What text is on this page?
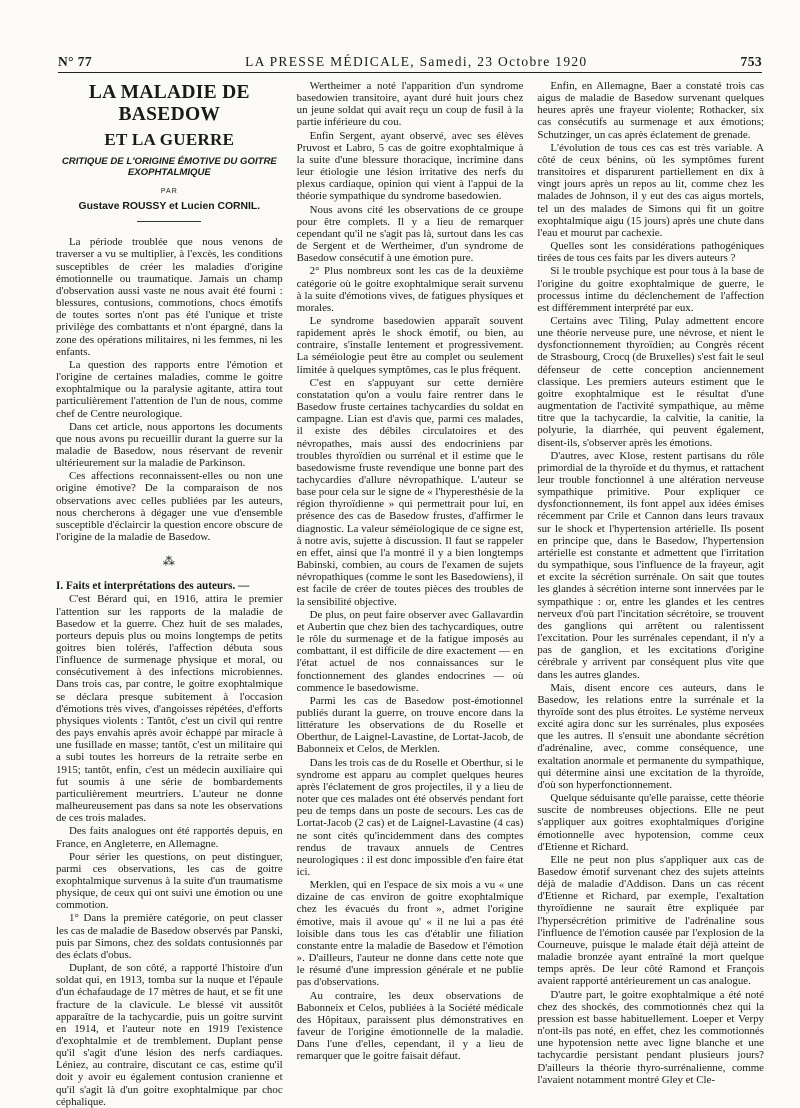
N° 77	LA PRESSE MÉDICALE, Samedi, 23 Octobre 1920	753
LA MALADIE DE BASEDOW
ET LA GUERRE
CRITIQUE DE L'ORIGINE ÉMOTIVE DU GOITRE EXOPHTALMIQUE
PAR
Gustave ROUSSY et Lucien CORNIL.

La période troublée que nous venons de traverser a vu se multiplier, à l'excès, les conditions susceptibles de créer les maladies d'origine émotionnelle ou traumatique. Jamais un champ d'observation aussi vaste ne nous avait été fourni : blessures, contusions, commotions, chocs émotifs de toutes sortes n'ont pas été l'unique et triste privilège des combattants et n'ont épargné, dans la zone des opérations militaires, ni les femmes, ni les enfants.

La question des rapports entre l'émotion et l'origine de certaines maladies, comme le goitre exophtalmique ou la paralysie agitante, attira tout particulièrement l'attention de l'un de nous, comme chef de Centre neurologique.

Dans cet article, nous apportons les documents que nous avons pu recueillir durant la guerre sur la maladie de Basedow, nous réservant de revenir ultérieurement sur la maladie de Parkinson.

Ces affections reconnaissent-elles ou non une origine émotive? De la comparaison de nos observations avec celles publiées par les auteurs, nous chercherons à dégager une vue d'ensemble susceptible d'éclaircir la question encore obscure de l'origine de la maladie de Basedow.

⁂

I. Faits et interprétations des auteurs. —

C'est Bérard qui, en 1916, attira le premier l'attention sur les rapports de la maladie de Basedow et la guerre. Chez huit de ses malades, porteurs depuis plus ou moins longtemps de petits goitres bien tolérés, l'affection débuta sous l'influence de surmenage physique et moral, ou consécutivement à des infections microbiennes. Dans trois cas, par contre, le goitre exophtalmique se déclara presque subitement à l'occasion d'émotions très vives, d'angoisses répétées, d'efforts physiques violents : Tantôt, c'est un civil qui rentre des pays envahis après avoir échappé par miracle à une fusillade en masse; tantôt, c'est un militaire qui a subi toutes les horreurs de la retraite serbe en 1915; tantôt, enfin, c'est un médecin auxiliaire qui fut soumis à une série de bombardements particulièrement meurtriers. L'auteur ne donne malheureusement pas dans sa note les observations de ces trois malades.

Des faits analogues ont été rapportés depuis, en France, en Angleterre, en Allemagne.

Pour sérier les questions, on peut distinguer, parmi ces observations, les cas de goitre exophtalmique survenus à la suite d'un traumatisme physique, de ceux qui ont suivi une émotion ou une commotion.

1° Dans la première catégorie, on peut classer les cas de maladie de Basedow observés par Panski, puis par Simons, chez des soldats contusionnés par des éclats d'obus.

Duplant, de son côté, a rapporté l'histoire d'un soldat qui, en 1913, tomba sur la nuque et l'épaule d'un échafaudage de 17 mètres de haut, et se fit une fracture de la clavicule. Le blessé vit aussitôt apparaître de la tachycardie, puis un goitre survint en 1914, et l'auteur note en 1919 l'existence d'exophtalmie et de tremblement. Duplant pense qu'il s'agit d'une lésion des nerfs cardiaques. Léniez, au contraire, discutant ce cas, estime qu'il doit y avoir eu également contusion cranienne et qu'il s'agit là d'un goitre exophtalmique par choc céphalique.

Wertheimer a noté l'apparition d'un syndrome basedowien transitoire, ayant duré huit jours chez un jeune soldat qui avait reçu un coup de fusil à la partie inférieure du cou.

Enfin Sergent, ayant observé, avec ses élèves Pruvost et Labro, 5 cas de goitre exophtalmique à la suite d'une blessure thoracique, incrimine dans leur étiologie une lésion irritative des nerfs du plexus cardiaque, opinion qui vient à l'appui de la théorie sympathique du syndrome basedowien.

Nous avons cité les observations de ce groupe pour être complets. Il y a lieu de remarquer cependant qu'il ne s'agit pas là, surtout dans les cas de Sergent et de Wertheimer, d'un syndrome de Basedow consécutif à une émotion pure.

2° Plus nombreux sont les cas de la deuxième catégorie où le goitre exophtalmique serait survenu à la suite d'émotions vives, de fatigues physiques et morales.

Le syndrome basedowien apparaît souvent rapidement après le shock émotif, ou bien, au contraire, s'installe lentement et progressivement. La séméiologie peut être au complet ou seulement limitée à quelques symptômes, cas le plus fréquent.

C'est en s'appuyant sur cette dernière constatation qu'on a voulu faire rentrer dans le Basedow fruste certaines tachycardies du soldat en campagne. Lian est d'avis que, parmi ces malades, il existe des débiles circulatoires et des névropathes, mais aussi des endocriniens par troubles thyroïdien ou surrénal et il estime que le basedowisme fruste revendique une bonne part des tachycardies d'allure névropathique. L'auteur se base pour cela sur le signe de « l'hyperesthésie de la région thyroïdienne » qui permettrait pour lui, en présence des cas de Basedow frustes, d'affirmer le diagnostic. La valeur séméiologique de ce signe est, à notre avis, sujette à discussion. Il faut se rappeler en effet, ainsi que l'a montré il y a bien longtemps Babinski, combien, au cours de l'examen de sujets névropathiques (comme le sont les Basedowiens), il est facile de créer de toutes pièces des troubles de la sensibilité objective.

De plus, on peut faire observer avec Gallavardin et Aubertin que chez bien des tachycardiques, outre le rôle du surmenage et de la fatigue imposés au combattant, il est difficile de dire exactement — en l'état actuel de nos connaissances sur le fonctionnement des glandes endocrines — où commence le basedowisme.

Parmi les cas de Basedow post-émotionnel publiés durant la guerre, on trouve encore dans la littérature les observations de du Roselle et Oberthur, de Laignel-Lavastine, de Lortat-Jacob, de Babonneix et Celos, de Merklen.

Dans les trois cas de du Roselle et Oberthur, si le syndrome est apparu au complet quelques heures après l'éclatement de gros projectiles, il y a lieu de noter que ces malades ont été observés pendant fort peu de temps dans un poste de secours. Les cas de Lortat-Jacob (2 cas) et de Laignel-Lavastine (4 cas) ne sont cités qu'incidemment dans des comptes rendus de travaux annuels de Centres neurologiques : il est donc impossible d'en faire état ici.

Merklen, qui en l'espace de six mois a vu « une dizaine de cas environ de goitre exophtalmique chez les évacués du front », admet l'origine émotive, mais il avoue qu' « il ne lui a pas été loisible dans tous les cas d'établir une filiation constante entre la maladie de Basedow et l'émotion ». D'ailleurs, l'auteur ne donne dans cette note que le résumé d'une impression générale et ne publie pas d'observations.

Au contraire, les deux observations de Babonneix et Celos, publiées à la Société médicale des Hôpitaux, paraissent plus démonstratives en faveur de l'origine émotionnelle de la maladie. Dans l'une d'elles, cependant, il y a lieu de remarquer que le goitre faisait défaut.

Enfin, en Allemagne, Baer a constaté trois cas aigus de maladie de Basedow survenant quelques heures après une frayeur violente; Rothacker, six cas consécutifs au surmenage et aux émotions; Schutzinger, un cas après éclatement de grenade.

L'évolution de tous ces cas est très variable. A côté de ceux bénins, où les symptômes furent transitoires et disparurent partiellement en dix à vingt jours après un repos au lit, comme chez les malades de Johnson, il y eut des cas aigus mortels, tel un des malades de Simons qui fit un goitre exophtalmique aigu (15 jours) après une chute dans l'eau et mourut par cachexie.

Quelles sont les considérations pathogéniques tirées de tous ces faits par les divers auteurs ?

Si le trouble psychique est pour tous à la base de l'origine du goitre exophtalmique de guerre, le processus intime du déclenchement de l'affection est différemment interprété par eux.

Certains avec Tiling, Pulay admettent encore une théorie nerveuse pure, une névrose, et nient le dysfonctionnement thyroïdien; au Congrès récent de Strasbourg, Crocq (de Bruxelles) s'est fait le seul défenseur de cette conception anciennement classique. Les premiers auteurs estiment que le goitre exophtalmique est le résultat d'une augmentation de l'activité sympathique, au même titre que la tachycardie, la calvitie, la canitie, la polyurie, la diarrhée, qui peuvent également, disent-ils, s'observer après les émotions.

D'autres, avec Klose, restent partisans du rôle primordial de la thyroïde et du thymus, et rattachent leur trouble fonctionnel à une altération nerveuse sympathique primitive. Pour expliquer ce dysfonctionnement, ils font appel aux idées émises récemment par Crile et Cannon dans leurs travaux sur le shock et l'hypertension artérielle. Ils posent en principe que, dans le Basedow, l'hypertension artérielle est constante et admettent que l'irritation du sympathique, sous l'influence de la frayeur, agit et excite la sécrétion surrénale. On sait que toutes les glandes à sécrétion interne sont innervées par le sympathique : or, entre les glandes et les centres nerveux d'où part l'incitation sécrétoire, se trouvent des ganglions qui arrêtent ou ralentissent l'excitation. Pour les surrénales cependant, il n'y a pas de ganglion, et les excitations d'origine cérébrale y arrivent par conséquent plus vite que dans les autres glandes.

Mais, disent encore ces auteurs, dans le Basedow, les relations entre la surrénale et la thyroïde sont des plus étroites. Le système nerveux excité agira donc sur les surrénales, plus exposées que les autres. Il s'ensuit une abondante sécrétion d'adrénaline, avec, comme conséquence, une exaltation anormale et permanente du sympathique, qui détermine ainsi une excitation de la thyroïde, d'où son hyperfonctionnement.

Quelque séduisante qu'elle paraisse, cette théorie suscite de nombreuses objections. Elle ne peut s'appliquer aux goitres exophtalmiques d'origine émotionnelle avec hypotension, comme ceux d'Etienne et Richard.

Elle ne peut non plus s'appliquer aux cas de Basedow émotif survenant chez des sujets atteints déjà de maladie d'Addison. Dans un cas récent d'Etienne et Richard, par exemple, l'exaltation thyroïdienne ne saurait être expliquée par l'hypersécrétion primitive de l'adrénaline sous l'influence de l'émotion causée par l'explosion de la Courneuve, puisque le malade était déjà atteint de maladie bronzée ayant entraîné la mort quelque temps après. De leur côté Ramond et François avaient rapporté antérieurement un cas analogue.

D'autre part, le goitre exophtalmique a été noté chez des shockés, des commotionnés chez qui la pression est basse habituellement. Loeper et Verpy n'ont-ils pas noté, en effet, chez les commotionnés une hypotension nette avec ligne blanche et une tachycardie persistant pendant plusieurs jours? D'ailleurs la théorie thyro-surrénalienne, comme l'avaient notamment montré Gley et Cle-
